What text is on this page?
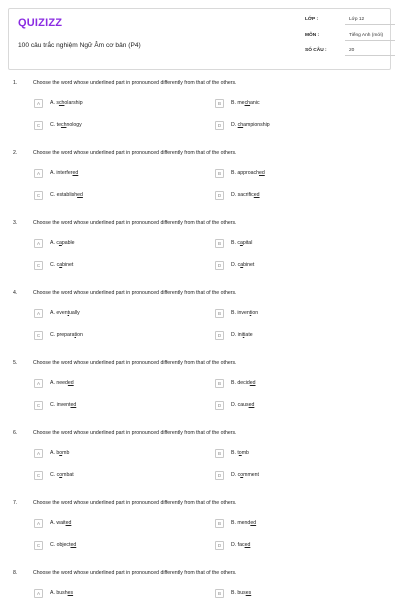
QUIZIZZ
100 câu trắc nghiệm Ngữ Âm cơ bản (P4)
LỚP :	Lớp 12
MÔN :	Tiếng Anh (mới)
SỐ CÂU :	20
1.	Choose the word whose underlined part in pronounced differently from that of the others.
A	A. scholarship	B	B. mechanic
C	C. technology	D	D. championship
2.	Choose the word whose underlined part in pronounced differently from that of the others.
A	A. interfered	B	B. approached
C	C. established	D	D. sacrificed
3.	Choose the word whose underlined part in pronounced differently from that of the others.
A	A. capable	B	B. capital
C	C. cabinet	D	D. cabinet
4.	Choose the word whose underlined part in pronounced differently from that of the others.
A	A. eventually	B	B. invention
C	C. preparation	D	D. initiate
5.	Choose the word whose underlined part in pronounced differently from that of the others.
A	A. needed	B	B. decided
C	C. invented	D	D. caused
6.	Choose the word whose underlined part in pronounced differently from that of the others.
A	A. bomb	B	B. tomb
C	C. combat	D	D. comment
7.	Choose the word whose underlined part in pronounced differently from that of the others.
A	A. waited	B	B. mended
C	C. objected	D	D. faced
8.	Choose the word whose underlined part in pronounced differently from that of the others.
A	A. bushes	B	B. buses
